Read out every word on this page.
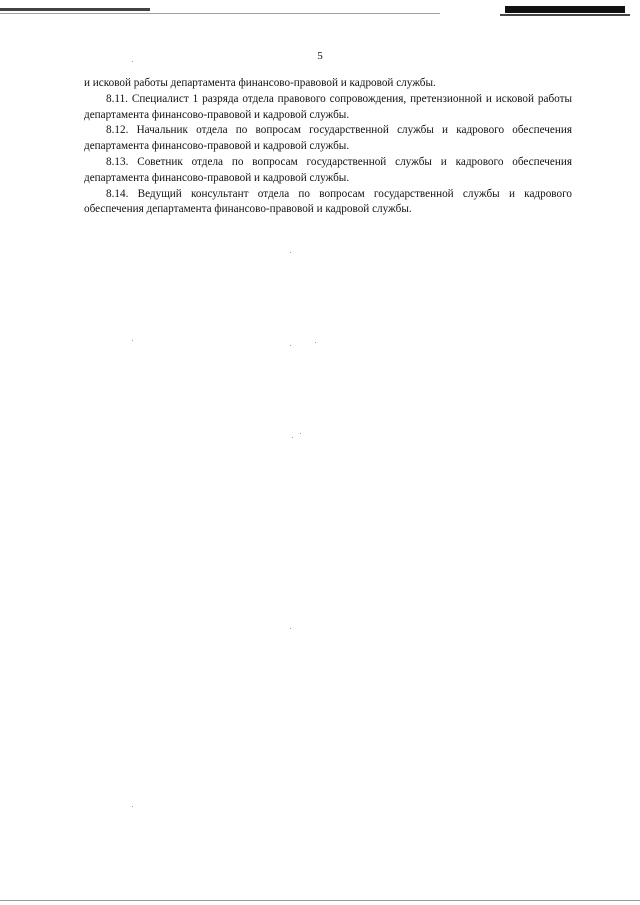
5

и исковой работы департамента финансово-правовой и кадровой службы.

8.11. Специалист 1 разряда отдела правового сопровождения, претензионной и исковой работы департамента финансово-правовой и кадровой службы.

8.12. Начальник отдела по вопросам государственной службы и кадрового обеспечения департамента финансово-правовой и кадровой службы.

8.13. Советник отдела по вопросам государственной службы и кадрового обеспечения департамента финансово-правовой и кадровой службы.

8.14. Ведущий консультант отдела по вопросам государственной службы и кадрового обеспечения департамента финансово-правовой и кадровой службы.
